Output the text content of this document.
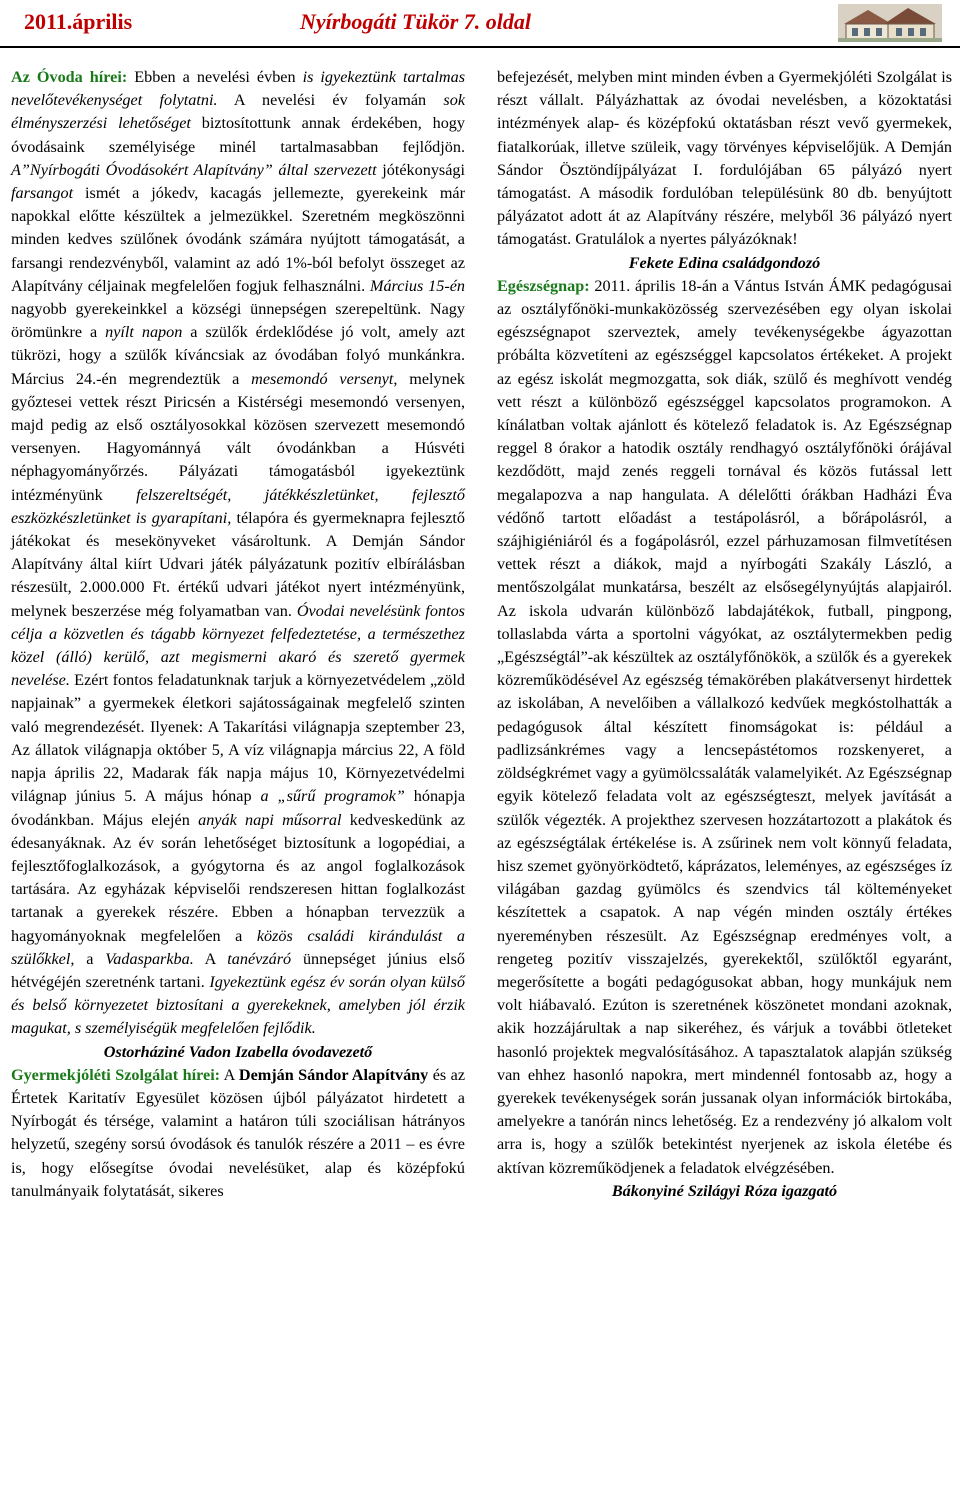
2011.április	Nyírbogáti Tükör 7. oldal

Az Óvoda hírei: Ebben a nevelési évben is igyekeztünk tartalmas nevelőtevékenységet folytatni. A nevelési év folyamán sok élményszerzési lehetőséget biztosítottunk annak érdekében, hogy óvodásaink személyisége minél tartalmasabban fejlődjön. A”Nyírbogáti Óvodásokért Alapítvány” által szervezett jótékonysági farsangot ismét a jókedv, kacagás jellemezte, gyerekeink már napokkal előtte készültek a jelmezükkel. Szeretném megköszönni minden kedves szülőnek óvodánk számára nyújtott támogatását, a farsangi rendezvényből, valamint az adó 1%-ból befolyt összeget az Alapítvány céljainak megfelelően fogjuk felhasználni. Március 15-én nagyobb gyerekeinkkel a községi ünnepségen szerepeltünk. Nagy örömünkre a nyílt napon a szülők érdeklődése jó volt, amely azt tükrözi, hogy a szülők kíváncsiak az óvodában folyó munkánkra. Március 24.-én megrendeztük a mesemondó versenyt, melynek győztesei vettek részt Piricsén a Kistérségi mesemondó versenyen, majd pedig az első osztályosokkal közösen szervezett mesemondó versenyen. Hagyománnyá vált óvodánkban a Húsvéti néphagyományőrzés. Pályázati támogatásból igyekeztünk intézményünk felszereltségét, játékkészletünket, fejlesztő eszközkészletünket is gyarapítani, télapóra és gyermeknapra fejlesztő játékokat és mesekönyveket vásároltunk. A Demján Sándor Alapítvány által kiírt Udvari játék pályázatunk pozitív elbírálásban részesült, 2.000.000 Ft. értékű udvari játékot nyert intézményünk, melynek beszerzése még folyamatban van. Óvodai nevelésünk fontos célja a közvetlen és tágabb környezet felfedeztetése, a természethez közel (álló) kerülő, azt megismerni akaró és szerető gyermek nevelése. Ezért fontos feladatunknak tarjuk a környezetvédelem „zöld napjainak” a gyermekek életkori sajátosságainak megfelelő szinten való megrendezését. Ilyenek: A Takarítási világnapja szeptember 23, Az állatok világnapja október 5, A víz világnapja március 22, A föld napja április 22, Madarak fák napja május 10, Környezetvédelmi világnap június 5. A május hónap a „sűrű programok” hónapja óvodánkban. Május elején anyák napi műsorral kedveskedünk az édesanyáknak. Az év során lehetőséget biztosítunk a logopédiai, a fejlesztőfoglalkozások, a gyógytorna és az angol foglalkozások tartására. Az egyházak képviselői rendszeresen hittan foglalkozást tartanak a gyerekek részére. Ebben a hónapban tervezzük a hagyományoknak megfelelően a közös családi kirándulást a szülőkkel, a Vadasparkba. A tanévzáró ünnepséget június első hétvégéjén szeretnénk tartani. Igyekeztünk egész év során olyan külső és belső környezetet biztosítani a gyerekeknek, amelyben jól érzik magukat, s személyiségük megfelelően fejlődik.

Ostorháziné Vadon Izabella óvodavezető

Gyermekjóléti Szolgálat hírei: A Demján Sándor Alapítvány és az Értetek Karitatív Egyesület közösen újból pályázatot hirdetett a Nyírbogát és térsége, valamint a határon túli szociálisan hátrányos helyzetű, szegény sorsú óvodások és tanulók részére a 2011 – es évre is, hogy elősegítse óvodai nevelésüket, alap és középfokú tanulmányaik folytatását, sikeres

befejezését, melyben mint minden évben a Gyermekjóléti Szolgálat is részt vállalt. Pályázhattak az óvodai nevelésben, a közoktatási intézmények alap- és középfokú oktatásban részt vevő gyermekek, fiatalkorúak, illetve szüleik, vagy törvényes képviselőjük. A Demján Sándor Ösztöndíjpályázat I. fordulójában 65 pályázó nyert támogatást. A második fordulóban településünk 80 db. benyújtott pályázatot adott át az Alapítvány részére, melyből 36 pályázó nyert támogatást. Gratulálok a nyertes pályázóknak!

Fekete Edina családgondozó

Egészségnap: 2011. április 18-án a Vántus István ÁMK pedagógusai az osztályfőnöki-munkaközösség szervezésében egy olyan iskolai egészségnapot szerveztek, amely tevékenységekbe ágyazottan próbálta közvetíteni az egészséggel kapcsolatos értékeket. A projekt az egész iskolát megmozgatta, sok diák, szülő és meghívott vendég vett részt a különböző egészséggel kapcsolatos programokon. A kínálatban voltak ajánlott és kötelező feladatok is. Az Egészségnap reggel 8 órakor a hatodik osztály rendhagyó osztályfőnöki órájával kezdődött, majd zenés reggeli tornával és közös futással lett megalapozva a nap hangulata. A délelőtti órákban Hadházi Éva védőnő tartott előadást a testápolásról, a bőrápolásról, a szájhigiéniáról és a fogápolásról, ezzel párhuzamosan filmvetítésen vettek részt a diákok, majd a nyírbogáti Szakály László, a mentőszolgálat munkatársa, beszélt az elsősegélynyújtás alapjairól. Az iskola udvarán különböző labdajátékok, futball, pingpong, tollaslabda várta a sportolni vágyókat, az osztálytermekben pedig „Egészségtál”-ak készültek az osztályfőnökök, a szülők és a gyerekek közreműködésével Az egészség témakörében plakátversenyt hirdettek az iskolában, A nevelőiben a vállalkozó kedvűek megkóstolhatták a pedagógusok által készített finomságokat is: például a padlizsánkrémes vagy a lencsepástétomos rozskenyeret, a zöldségkrémet vagy a gyümölcssaláták valamelyikét. Az Egészségnap egyik kötelező feladata volt az egészségteszt, melyek javítását a szülők végezték. A projekthez szervesen hozzátartozott a plakátok és az egészségtálak értékelése is. A zsűrinek nem volt könnyű feladata, hisz szemet gyönyörködtető, káprázatos, leleményes, az egészséges íz világában gazdag gyümölcs és szendvics tál költeményeket készítettek a csapatok. A nap végén minden osztály értékes nyereményben részesült. Az Egészségnap eredményes volt, a rengeteg pozitív visszajelzés, gyerekektől, szülőktől egyaránt, megerősítette a bogáti pedagógusokat abban, hogy munkájuk nem volt hiábavaló. Ezúton is szeretnének köszönetet mondani azoknak, akik hozzájárultak a nap sikeréhez, és várjuk a további ötleteket hasonló projektek megvalósításához. A tapasztalatok alapján szükség van ehhez hasonló napokra, mert mindennél fontosabb az, hogy a gyerekek tevékenységek során jussanak olyan információk birtokába, amelyekre a tanórán nincs lehetőség. Ez a rendezvény jó alkalom volt arra is, hogy a szülők betekintést nyerjenek az iskola életébe és aktívan közreműködjenek a feladatok elvégzésében.

Bákonyiné Szilágyi Róza igazgató
